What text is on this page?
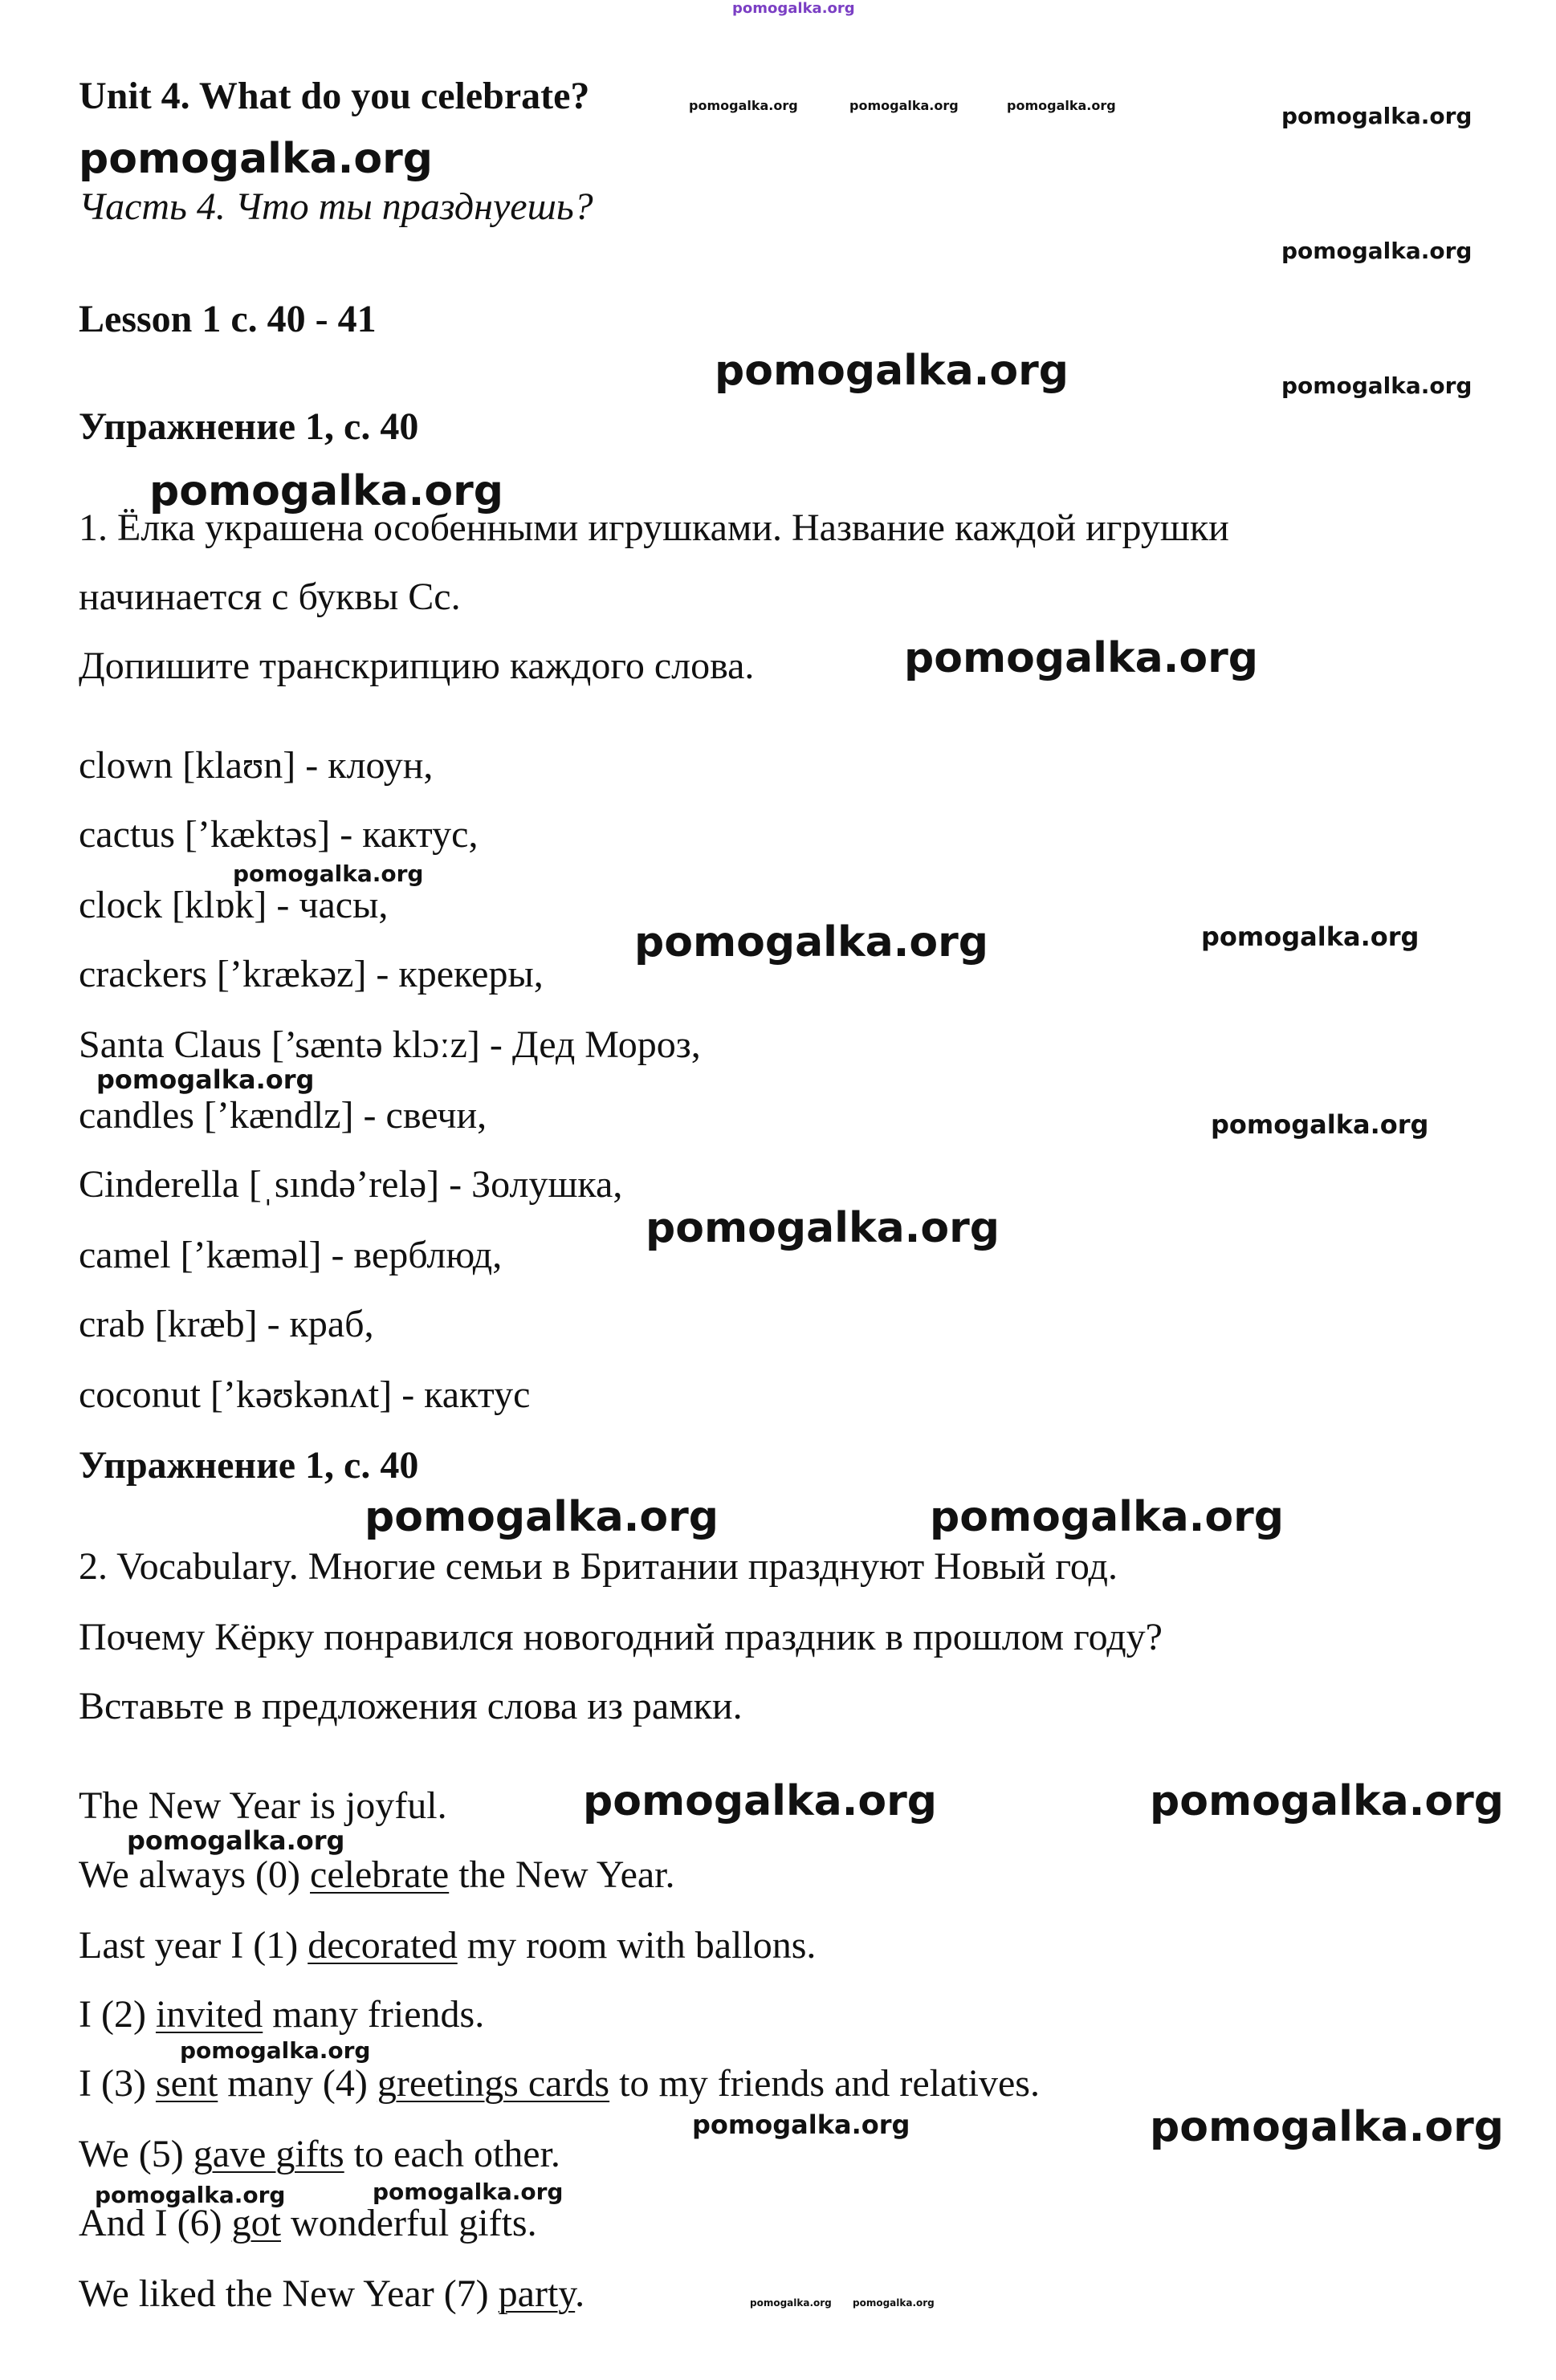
pomogalka.org
Unit 4. What do you celebrate?
Часть 4. Что ты празднуешь?
Lesson 1 с. 40 - 41
Упражнение 1, с. 40
1. Ёлка украшена особенными игрушками. Название каждой игрушки
начинается с буквы Cc.
Допишите транскрипцию каждого слова.
clown [klaʊn] - клоун,
cactus [’kæktəs] - кактус,
clock [klɒk] - часы,
crackers [’krækəz] - крекеры,
Santa Claus [’sæntə klɔːz] - Дед Мороз,
candles [’kændlz] - свечи,
Cinderella [ˌsındə’relə] - Золушка,
camel [’kæməl] - верблюд,
crab [kræb] - краб,
coconut [’kəʊkənʌt] - кактус
Упражнение 1, с. 40
2. Vocabulary. Многие семьи в Британии празднуют Новый год.
Почему Кёрку понравился новогодний праздник в прошлом году?
Вставьте в предложения слова из рамки.
The New Year is joyful.
We always (0) celebrate the New Year.
Last year I (1) decorated my room with ballons.
I (2) invited many friends.
I (3) sent many (4) greetings cards to my friends and relatives.
We (5) gave gifts to each other.
And I (6) got wonderful gifts.
We liked the New Year (7) party.
pomogalka.org	pomogalka.org	pomogalka.org	pomogalka.org
pomogalka.org
pomogalka.org
pomogalka.org	pomogalka.org
pomogalka.org
pomogalka.org
pomogalka.org
pomogalka.org	pomogalka.org
pomogalka.org
pomogalka.org
pomogalka.org
pomogalka.org	pomogalka.org
pomogalka.org	pomogalka.org
pomogalka.org
pomogalka.org
pomogalka.org	pomogalka.org
pomogalka.org	pomogalka.org
pomogalka.org pomogalka.org
